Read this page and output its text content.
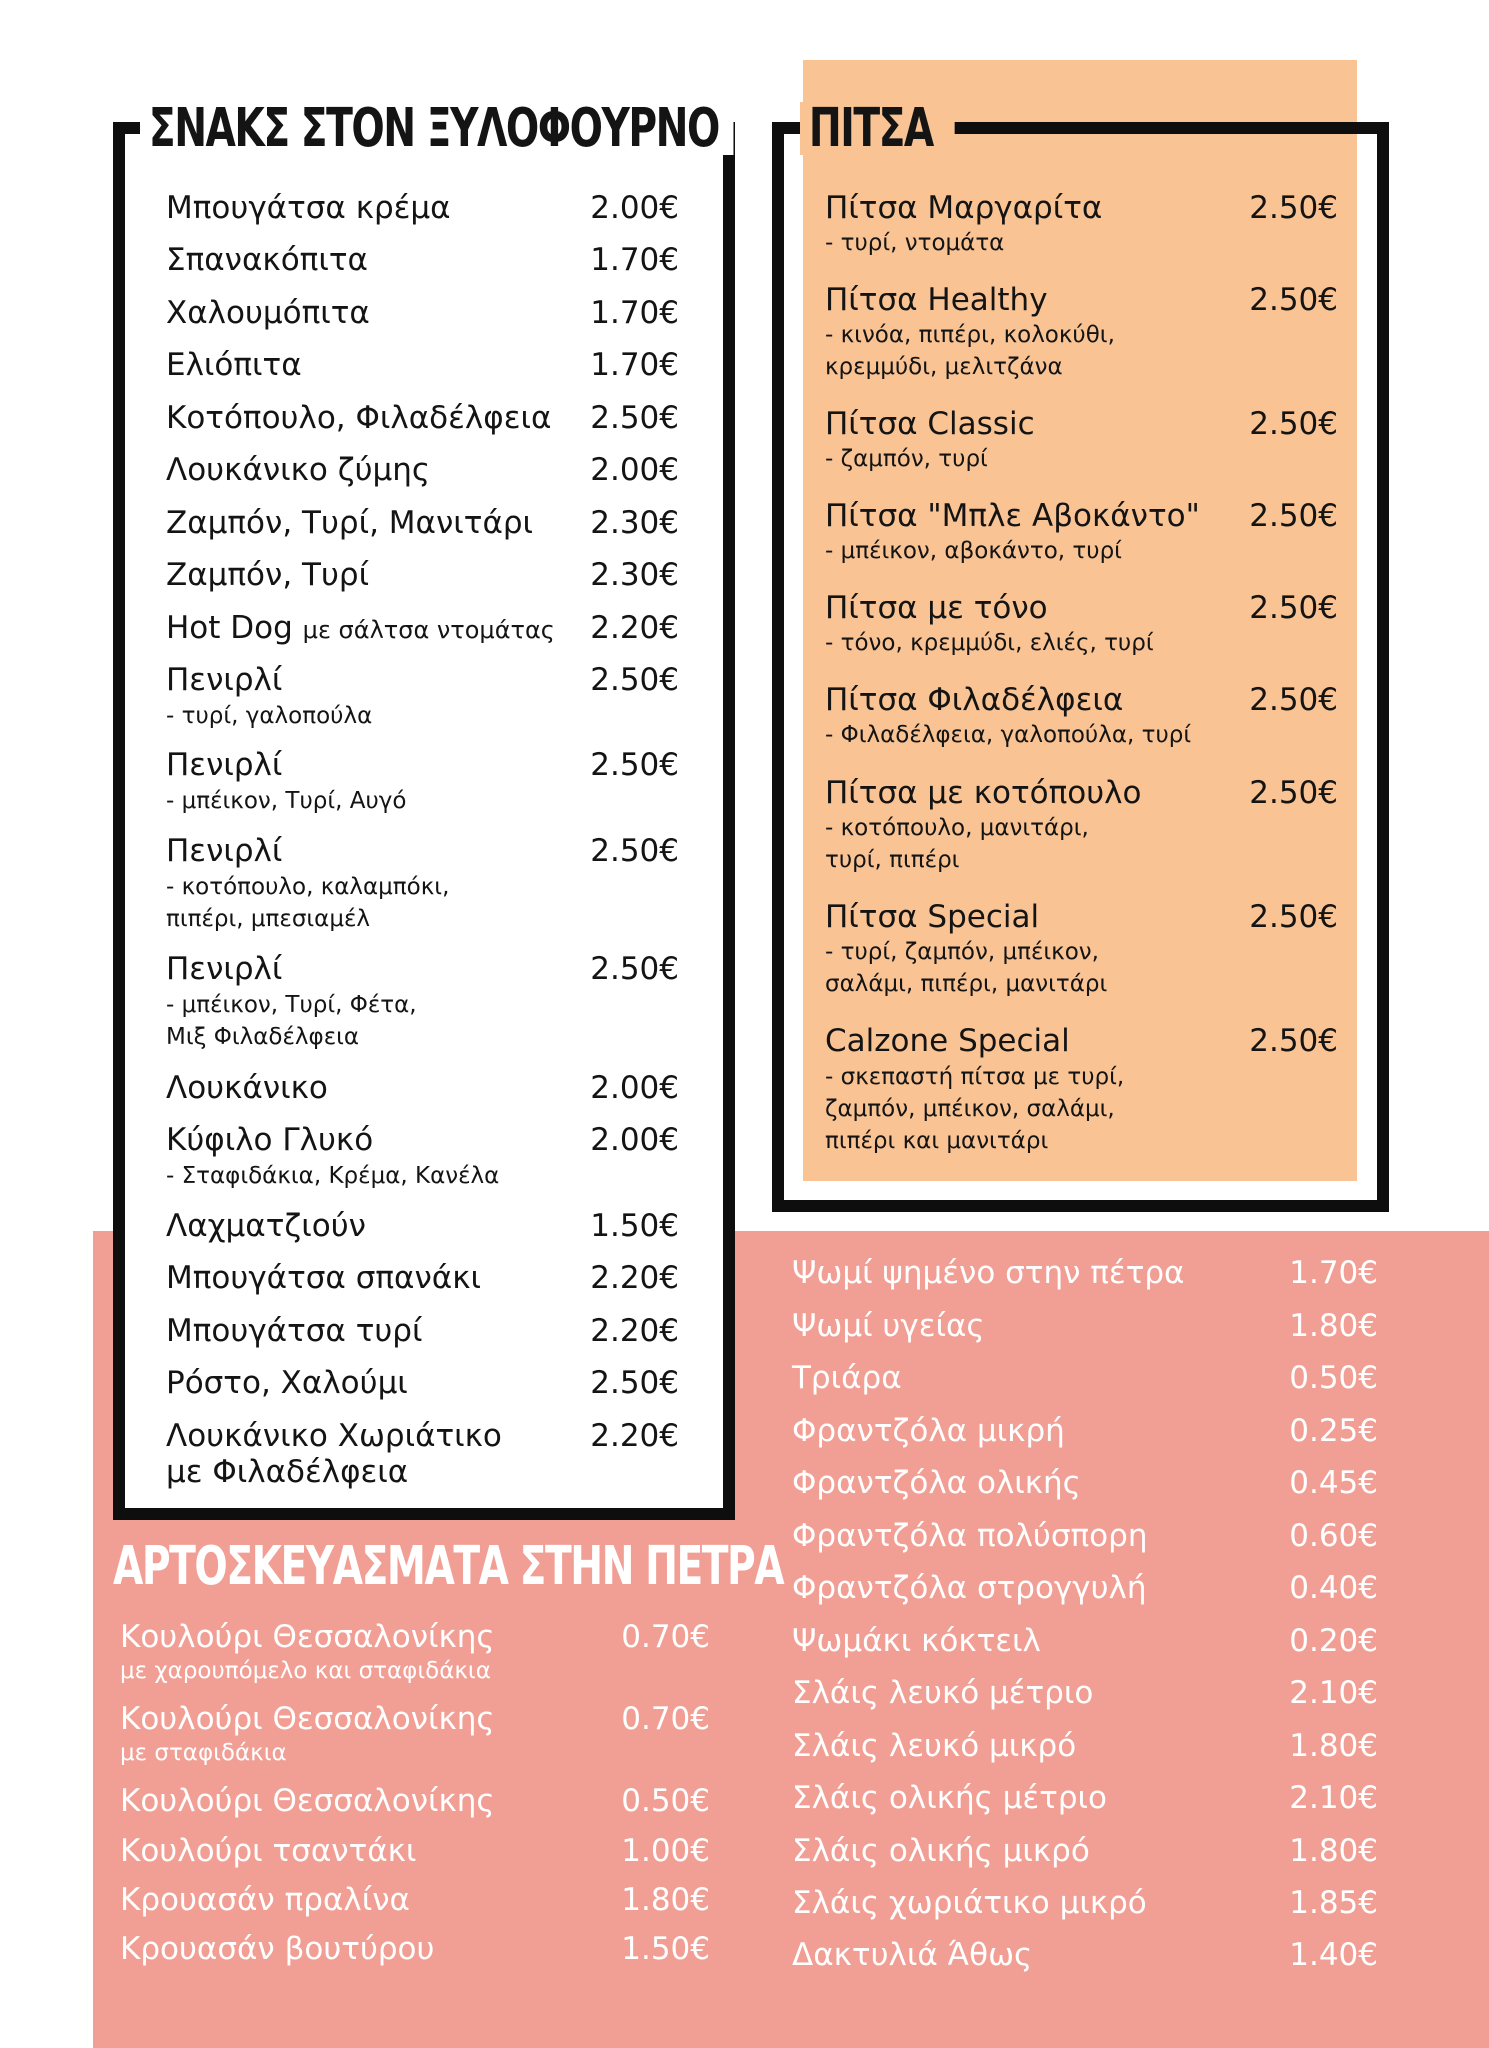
ΣΝΑΚΣ ΣΤΟΝ ΞΥΛΟΦΟΥΡΝΟ ΠΙΤΣΑ
ΑΡΤΟΣΚΕΥΑΣΜΑΤΑ ΣΤΗΝ ΠΕΤΡΑ
Μπουγάτσα κρέμα	2.00€
Σπανακόπιτα	1.70€
Χαλουμόπιτα	1.70€
Ελιόπιτα	1.70€
Κοτόπουλο, Φιλαδέλφεια 2.50€
Λουκάνικο ζύμης	2.00€
Ζαμπόν, Τυρί, Μανιτάρι 2.30€
Ζαμπόν, Τυρί	2.30€
Hot Dog με σάλτσα ντομάτας 2.20€
Πενιρλί	2.50€
- τυρί, γαλοπούλα
Πενιρλί	2.50€
- μπέικον, Τυρί, Αυγό
Πενιρλί	2.50€
- κοτόπουλο, καλαμπόκι,
πιπέρι, μπεσιαμέλ
Πενιρλί	2.50€
- μπέικον, Τυρί, Φέτα,
Μιξ Φιλαδέλφεια
Λουκάνικο	2.00€
Κύφιλο Γλυκό	2.00€
- Σταφιδάκια, Κρέμα, Κανέλα
Λαχματζιούν	1.50€
Μπουγάτσα σπανάκι	2.20€
Μπουγάτσα τυρί	2.20€
Ρόστο, Χαλούμι	2.50€
Λουκάνικο Χωριάτικο
με Φιλαδέλφεια
2.20€
Πίτσα Μαργαρίτα	2.50€
- τυρί, ντομάτα
Πίτσα Healthy	2.50€
- κινόα, πιπέρι, κολοκύθι,
κρεμμύδι, μελιτζάνα
Πίτσα Classic	2.50€
- ζαμπόν, τυρί
Πίτσα "Μπλε Αβοκάντο" 2.50€
- μπέικον, αβοκάντο, τυρί
Πίτσα με τόνο	2.50€
- τόνο, κρεμμύδι, ελιές, τυρί
Πίτσα Φιλαδέλφεια	2.50€
- Φιλαδέλφεια, γαλοπούλα, τυρί
Πίτσα με κοτόπουλο	2.50€
- κοτόπουλο, μανιτάρι,
τυρί, πιπέρι
Πίτσα Special	2.50€
- τυρί, ζαμπόν, μπέικον,
σαλάμι, πιπέρι, μανιτάρι
Calzone Special	2.50€
- σκεπαστή πίτσα με τυρί,
ζαμπόν, μπέικον, σαλάμι,
πιπέρι και μανιτάρι
Κουλούρι Θεσσαλονίκης	0.70€
με χαρουπόμελο και σταφιδάκια
Κουλούρι Θεσσαλονίκης	0.70€
με σταφιδάκια
Κουλούρι Θεσσαλονίκης	0.50€
Κουλούρι τσαντάκι	1.00€
Κρουασάν πραλίνα	1.80€
Κρουασάν βουτύρου	1.50€
Ψωμί ψημένο στην πέτρα	1.70€
Ψωμί υγείας	1.80€
Τριάρα	0.50€
Φραντζόλα μικρή	0.25€
Φραντζόλα ολικής	0.45€
Φραντζόλα πολύσπορη	0.60€
Φραντζόλα στρογγυλή	0.40€
Ψωμάκι κόκτειλ	0.20€
Σλάις λευκό μέτριο	2.10€
Σλάις λευκό μικρό	1.80€
Σλάις ολικής μέτριο	2.10€
Σλάις ολικής μικρό	1.80€
Σλάις χωριάτικο μικρό	1.85€
Δακτυλιά Άθως	1.40€
